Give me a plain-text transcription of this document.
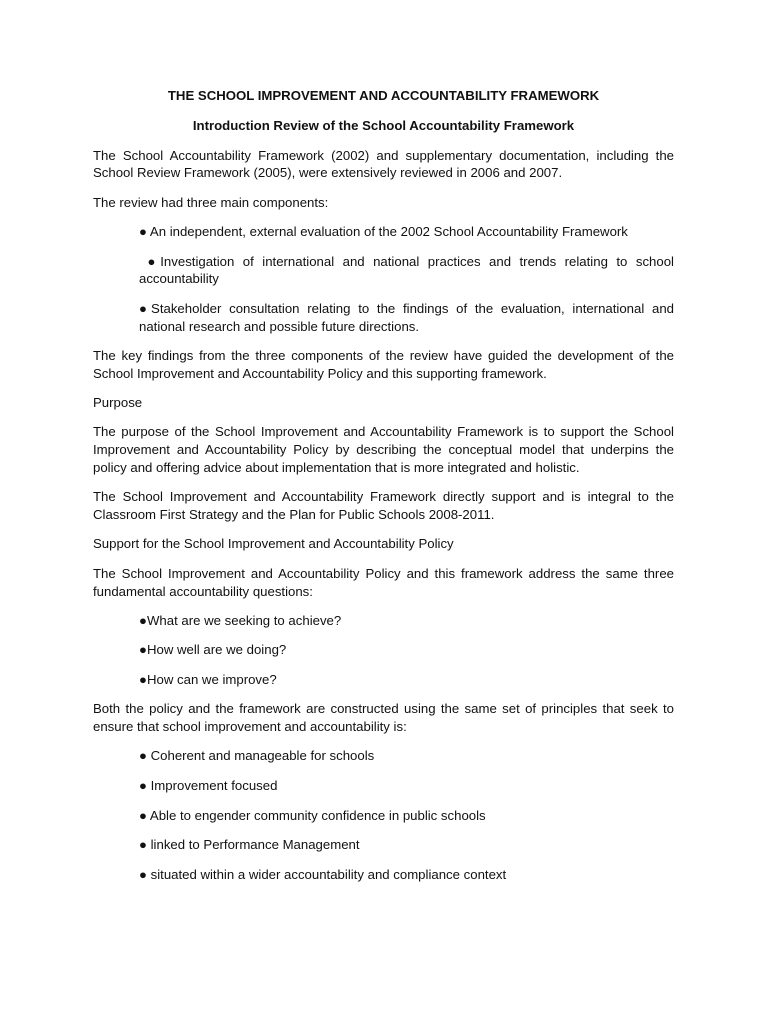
THE SCHOOL IMPROVEMENT AND ACCOUNTABILITY FRAMEWORK
Introduction Review of the School Accountability Framework

The School Accountability Framework (2002) and supplementary documentation, including the School Review Framework (2005), were extensively reviewed in 2006 and 2007.

The review had three main components:

● An independent, external evaluation of the 2002 School Accountability Framework
●Investigation of international and national practices and trends relating to school accountability
●Stakeholder consultation relating to the findings of the evaluation, international and national research and possible future directions.

The key findings from the three components of the review have guided the development of the School Improvement and Accountability Policy and this supporting framework.

Purpose

The purpose of the School Improvement and Accountability Framework is to support the School Improvement and Accountability Policy by describing the conceptual model that underpins the policy and offering advice about implementation that is more integrated and holistic.

The School Improvement and Accountability Framework directly support and is integral to the Classroom First Strategy and the Plan for Public Schools 2008-2011.

Support for the School Improvement and Accountability Policy

The School Improvement and Accountability Policy and this framework address the same three fundamental accountability questions:

●What are we seeking to achieve?
●How well are we doing?
●How can we improve?

Both the policy and the framework are constructed using the same set of principles that seek to ensure that school improvement and accountability is:

● Coherent and manageable for schools
● Improvement focused
● Able to engender community confidence in public schools
● linked to Performance Management
● situated within a wider accountability and compliance context
